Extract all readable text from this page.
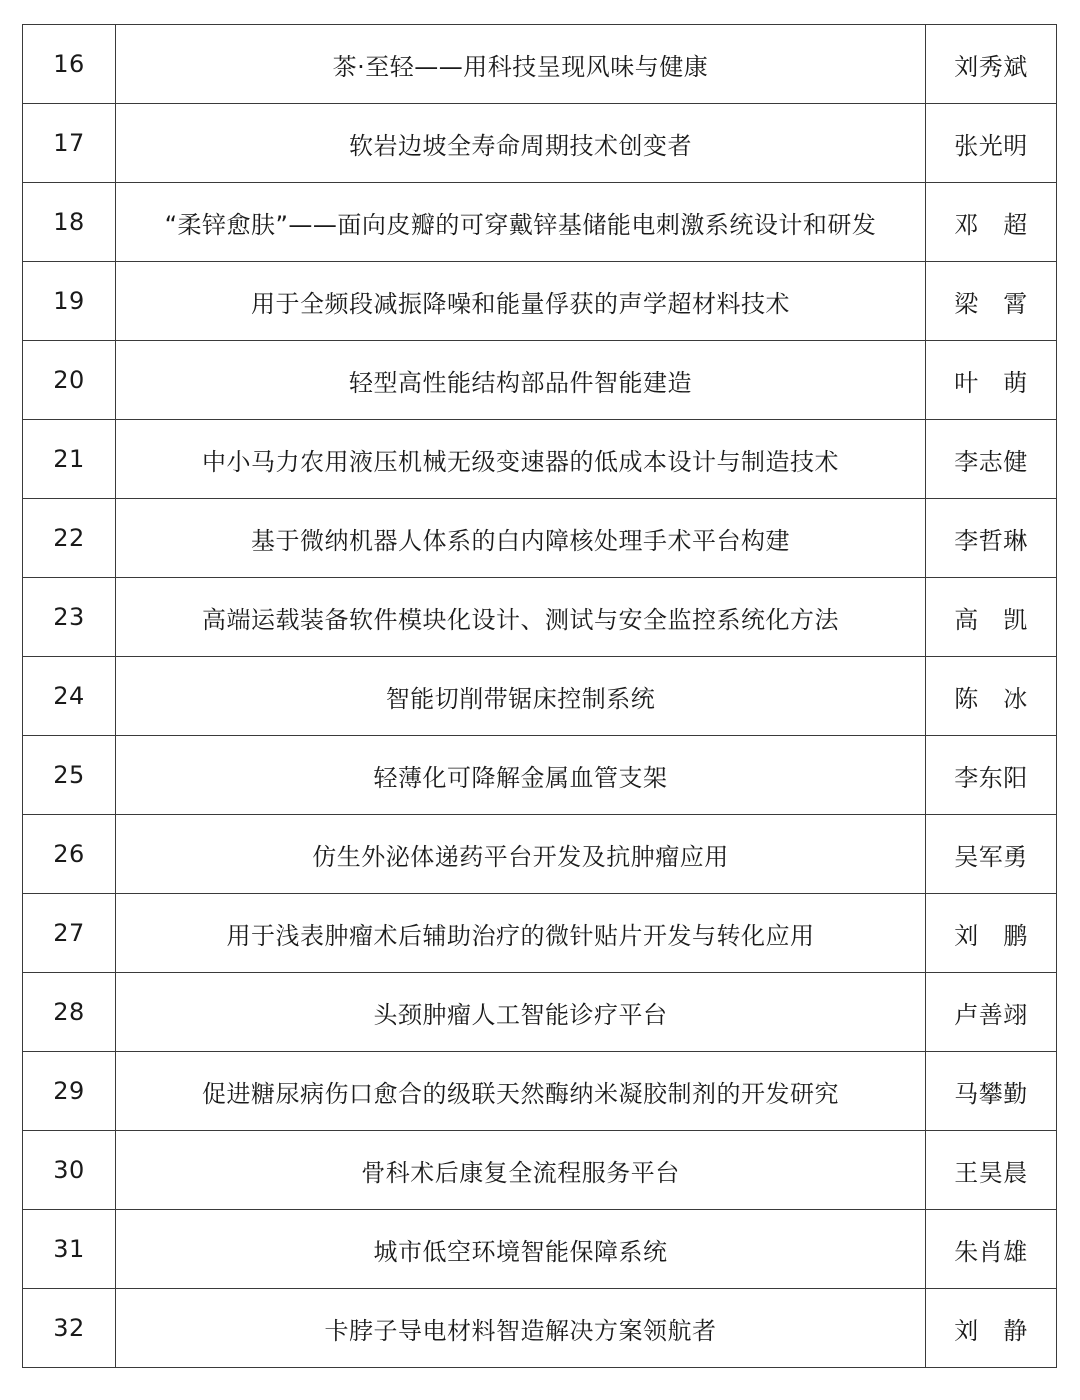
16	茶·至轻——用科技呈现风味与健康	刘秀斌
17	软岩边坡全寿命周期技术创变者	张光明
18	“柔锌愈肤”——面向皮瓣的可穿戴锌基储能电刺激系统设计和研发	邓　超
19	用于全频段减振降噪和能量俘获的声学超材料技术	梁　霄
20	轻型高性能结构部品件智能建造	叶　萌
21	中小马力农用液压机械无级变速器的低成本设计与制造技术	李志健
22	基于微纳机器人体系的白内障核处理手术平台构建	李哲琳
23	高端运载装备软件模块化设计、测试与安全监控系统化方法	高　凯
24	智能切削带锯床控制系统	陈　冰
25	轻薄化可降解金属血管支架	李东阳
26	仿生外泌体递药平台开发及抗肿瘤应用	吴军勇
27	用于浅表肿瘤术后辅助治疗的微针贴片开发与转化应用	刘　鹏
28	头颈肿瘤人工智能诊疗平台	卢善翊
29	促进糖尿病伤口愈合的级联天然酶纳米凝胶制剂的开发研究	马攀勤
30	骨科术后康复全流程服务平台	王昊晨
31	城市低空环境智能保障系统	朱肖雄
32	卡脖子导电材料智造解决方案领航者	刘　静
